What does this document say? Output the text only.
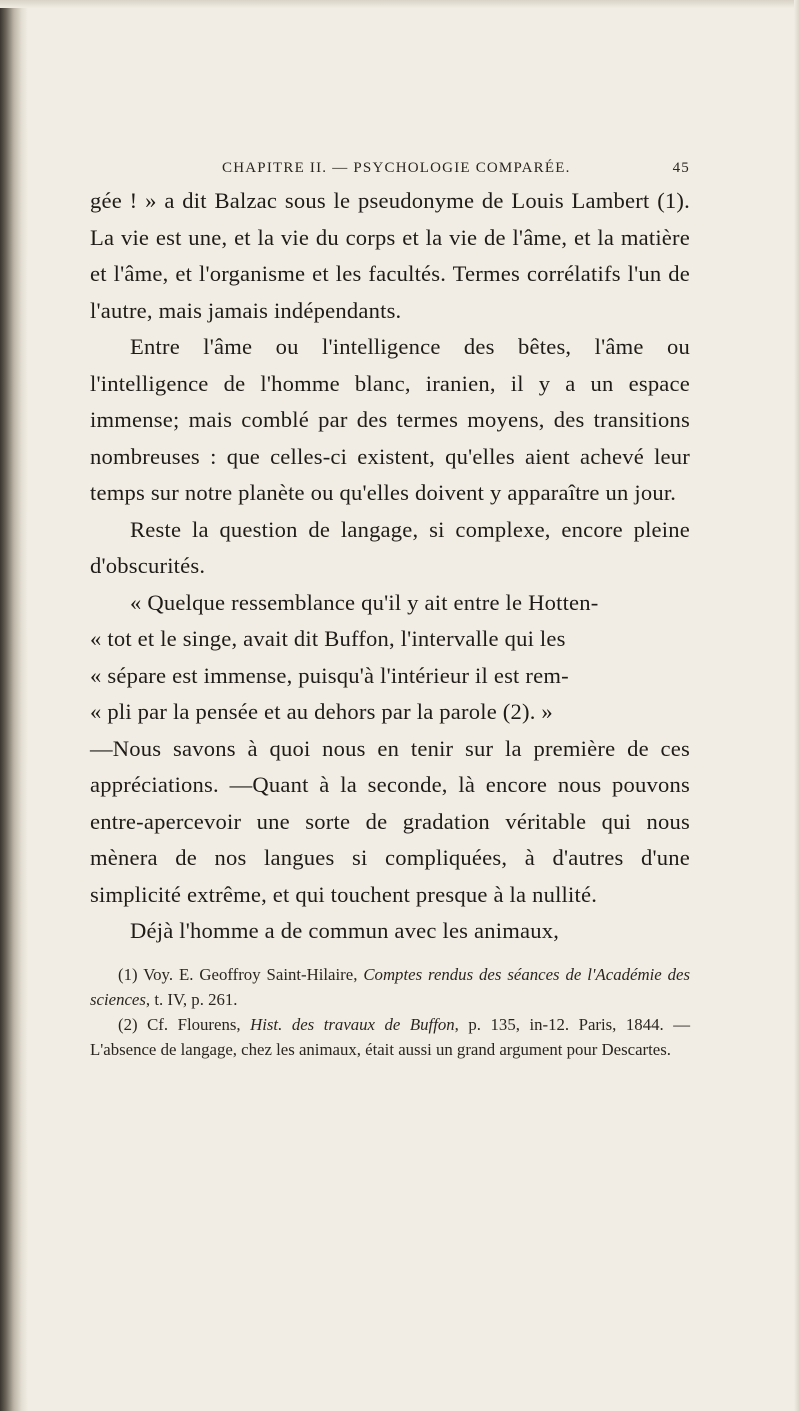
CHAPITRE II. — PSYCHOLOGIE COMPARÉE.	45

gée ! » a dit Balzac sous le pseudonyme de Louis Lambert (1). La vie est une, et la vie du corps et la vie de l'âme, et la matière et l'âme, et l'organisme et les facultés. Termes corrélatifs l'un de l'autre, mais jamais indépendants.

Entre l'âme ou l'intelligence des bêtes, l'âme ou l'intelligence de l'homme blanc, iranien, il y a un espace immense; mais comblé par des termes moyens, des transitions nombreuses : que celles-ci existent, qu'elles aient achevé leur temps sur notre planète ou qu'elles doivent y apparaître un jour.

Reste la question de langage, si complexe, encore pleine d'obscurités.

« Quelque ressemblance qu'il y ait entre le Hotten-

« tot et le singe, avait dit Buffon, l'intervalle qui les

« sépare est immense, puisqu'à l'intérieur il est rem-

« pli par la pensée et au dehors par la parole (2). »

—Nous savons à quoi nous en tenir sur la première de ces appréciations. —Quant à la seconde, là encore nous pouvons entre-apercevoir une sorte de gradation véritable qui nous mènera de nos langues si compliquées, à d'autres d'une simplicité extrême, et qui touchent presque à la nullité.

Déjà l'homme a de commun avec les animaux,

(1) Voy. E. Geoffroy Saint-Hilaire, Comptes rendus des séances de l'Académie des sciences, t. IV, p. 261.

(2) Cf. Flourens, Hist. des travaux de Buffon, p. 135, in-12. Paris, 1844. — L'absence de langage, chez les animaux, était aussi un grand argument pour Descartes.
